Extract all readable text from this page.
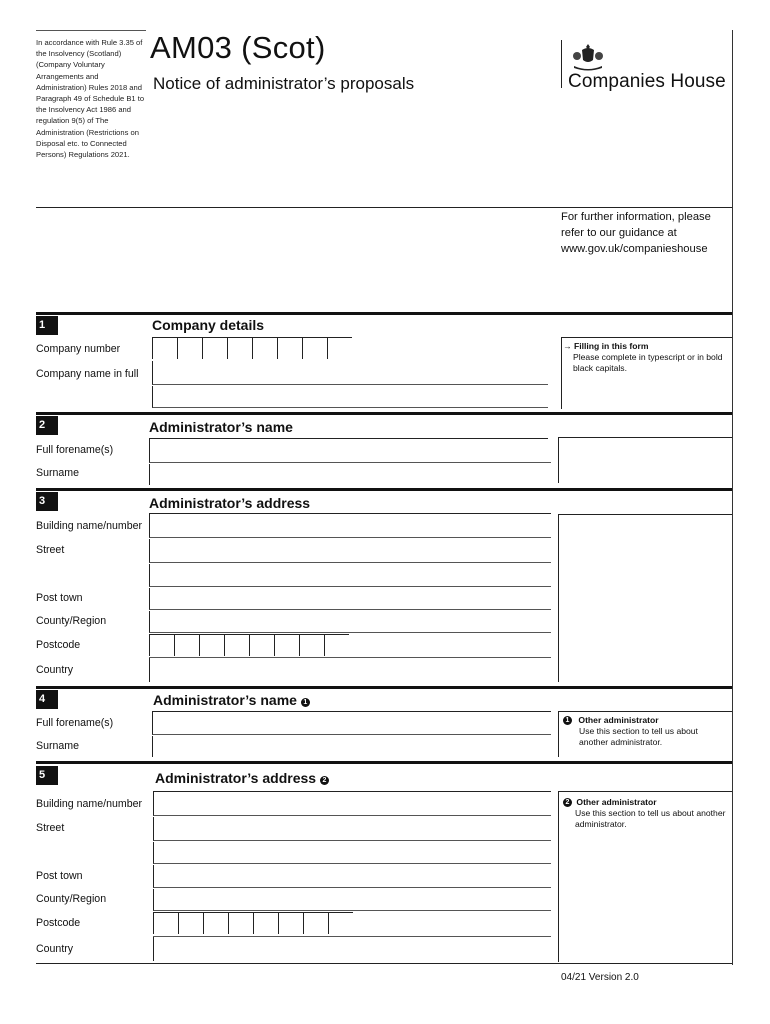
In accordance with Rule 3.35 of the Insolvency (Scotland) (Company Voluntary Arrangements and Administration) Rules 2018 and Paragraph 49 of Schedule B1 to the Insolvency Act 1986 and regulation 9(5) of The Administration (Restrictions on Disposal etc. to Connected Persons) Regulations 2021.
AM03 (Scot)
Notice of administrator’s proposals	Companies House
For further information, please refer to our guidance at www.gov.uk/companieshouse
1	Company details
Company number
Company name in full
→ Filling in this form
Please complete in typescript or in bold black capitals.
2	Administrator’s name
Full forename(s)
Surname
3	Administrator’s address
Building name/number
Street
Post town
County/Region
Postcode
Country
4	Administrator’s name 1
Full forename(s)
Surname
1 Other administrator
Use this section to tell us about another administrator.
5	Administrator’s address 2
Building name/number
Street
Post town
County/Region
Postcode
Country
2 Other administrator
Use this section to tell us about another administrator.
04/21 Version 2.0
